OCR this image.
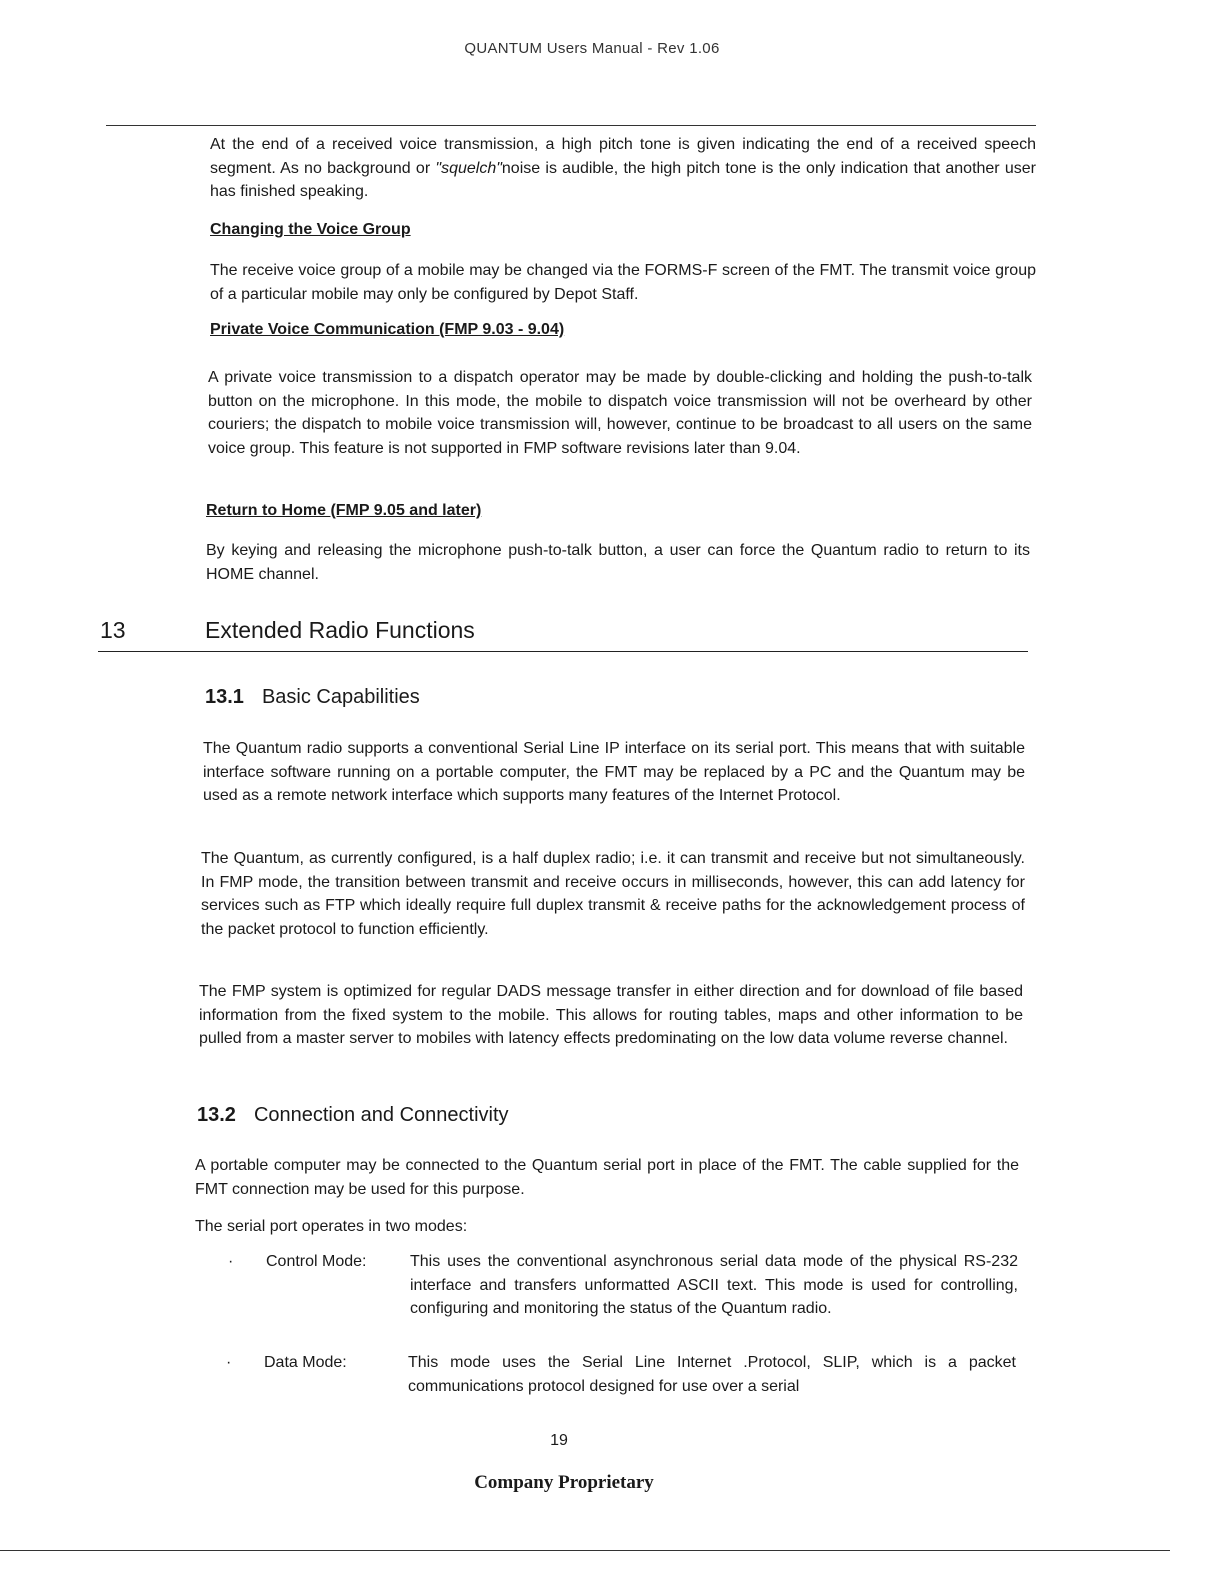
QUANTUM Users Manual - Rev 1.06
At the end of a received voice transmission, a high pitch tone is given indicating the end of a received speech segment. As no background or "squelch"noise is audible, the high pitch tone is the only indication that another user has finished speaking.
Changing the Voice Group
The receive voice group of a mobile may be changed via the FORMS-F screen of the FMT. The transmit voice group of a particular mobile may only be configured by Depot Staff.
Private Voice Communication (FMP 9.03 - 9.04)
A private voice transmission to a dispatch operator may be made by double-clicking and holding the push-to-talk button on the microphone. In this mode, the mobile to dispatch voice transmission will not be overheard by other couriers; the dispatch to mobile voice transmission will, however, continue to be broadcast to all users on the same voice group. This feature is not supported in FMP software revisions later than 9.04.
Return to Home (FMP 9.05 and later)
By keying and releasing the microphone push-to-talk button, a user can force the Quantum radio to return to its HOME channel.
13	Extended Radio Functions
13.1 Basic Capabilities
The Quantum radio supports a conventional Serial Line IP interface on its serial port. This means that with suitable interface software running on a portable computer, the FMT may be replaced by a PC and the Quantum may be used as a remote network interface which supports many features of the Internet Protocol.
The Quantum, as currently configured, is a half duplex radio; i.e. it can transmit and receive but not simultaneously. In FMP mode, the transition between transmit and receive occurs in milliseconds, however, this can add latency for services such as FTP which ideally require full duplex transmit & receive paths for the acknowledgement process of the packet protocol to function efficiently.
The FMP system is optimized for regular DADS message transfer in either direction and for download of file based information from the fixed system to the mobile. This allows for routing tables, maps and other information to be pulled from a master server to mobiles with latency effects predominating on the low data volume reverse channel.
13.2 Connection and Connectivity
A portable computer may be connected to the Quantum serial port in place of the FMT. The cable supplied for the FMT connection may be used for this purpose.
The serial port operates in two modes:
· Control Mode:	This uses the conventional asynchronous serial data mode of the physical RS-232 interface and transfers unformatted ASCII text. This mode is used for controlling, configuring and monitoring the status of the Quantum radio.
· Data Mode:	This mode uses the Serial Line Internet .Protocol, SLIP, which is a packet communications protocol designed for use over a serial
19
Company Proprietary
